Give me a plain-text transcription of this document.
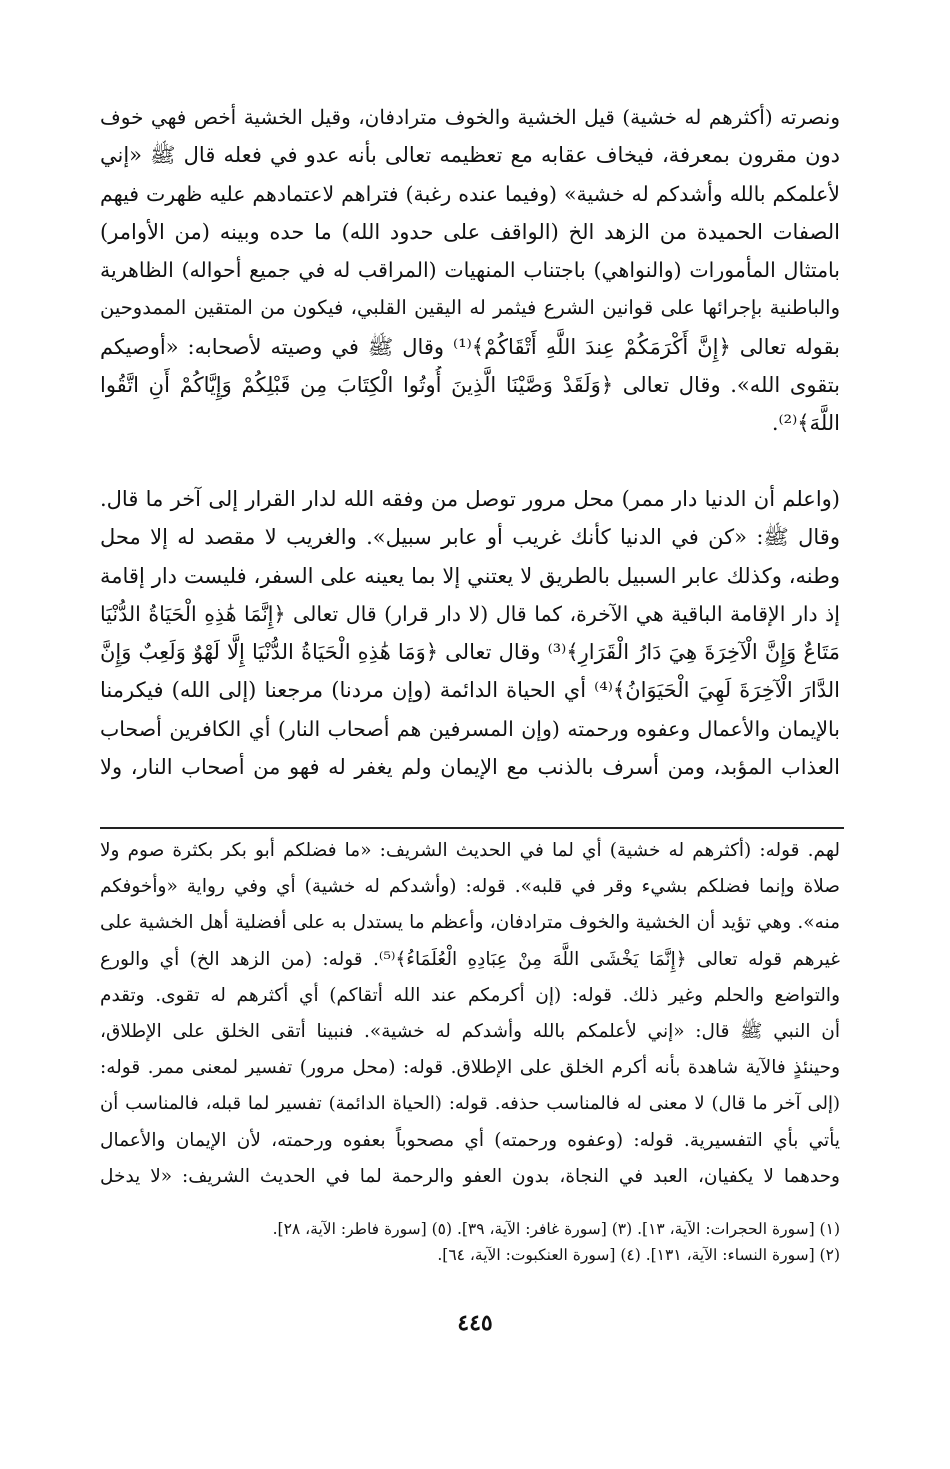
ونصرته (أكثرهم له خشية) قيل الخشية والخوف مترادفان، وقيل الخشية أخص فهي خوف
دون مقرون بمعرفة، فيخاف عقابه مع تعظيمه تعالى بأنه عدو في فعله قال ﷺ «إني
لأعلمكم بالله وأشدكم له خشية» (وفيما عنده رغبة) فتراهم لاعتمادهم عليه ظهرت فيهم
الصفات الحميدة من الزهد الخ (الواقف على حدود الله) ما حده وبينه (من الأوامر)
بامتثال المأمورات (والنواهي) باجتناب المنهيات (المراقب له في جميع أحواله) الظاهرية
والباطنية بإجرائها على قوانين الشرع فيثمر له اليقين القلبي، فيكون من المتقين الممدوحين
بقوله تعالى ﴿إِنَّ أَكْرَمَكُمْ عِندَ اللَّهِ أَتْقَاكُمْ﴾⁽¹⁾ وقال ﷺ في وصيته لأصحابه: «أوصيكم
بتقوى الله». وقال تعالى ﴿وَلَقَدْ وَصَّيْنَا الَّذِينَ أُوتُوا الْكِتَابَ مِن قَبْلِكُمْ وَإِيَّاكُمْ أَنِ اتَّقُوا
اللَّهَ﴾⁽²⁾.
(واعلم أن الدنيا دار ممر) محل مرور توصل من وفقه الله لدار القرار إلى آخر ما قال.
وقال ﷺ: «كن في الدنيا كأنك غريب أو عابر سبيل». والغريب لا مقصد له إلا محل
وطنه، وكذلك عابر السبيل بالطريق لا يعتني إلا بما يعينه على السفر، فليست دار إقامة
إذ دار الإقامة الباقية هي الآخرة، كما قال (لا دار قرار) قال تعالى ﴿إِنَّمَا هَٰذِهِ الْحَيَاةُ الدُّنْيَا
مَتَاعٌ وَإِنَّ الْآخِرَةَ هِيَ دَارُ الْقَرَارِ﴾⁽³⁾ وقال تعالى ﴿وَمَا هَٰذِهِ الْحَيَاةُ الدُّنْيَا إِلَّا لَهْوٌ وَلَعِبٌ وَإِنَّ
الدَّارَ الْآخِرَةَ لَهِيَ الْحَيَوَانُ﴾⁽⁴⁾ أي الحياة الدائمة (وإن مردنا) مرجعنا (إلى الله) فيكرمنا
بالإيمان والأعمال وعفوه ورحمته (وإن المسرفين هم أصحاب النار) أي الكافرين أصحاب
العذاب المؤبد، ومن أسرف بالذنب مع الإيمان ولم يغفر له فهو من أصحاب النار، ولا
لهم. قوله: (أكثرهم له خشية) أي لما في الحديث الشريف: «ما فضلكم أبو بكر بكثرة صوم ولا
صلاة وإنما فضلكم بشيء وقر في قلبه». قوله: (وأشدكم له خشية) أي وفي رواية «وأخوفكم
منه». وهي تؤيد أن الخشية والخوف مترادفان، وأعظم ما يستدل به على أفضلية أهل الخشية على
غيرهم قوله تعالى ﴿إِنَّمَا يَخْشَى اللَّهَ مِنْ عِبَادِهِ الْعُلَمَاءُ﴾⁽⁵⁾. قوله: (من الزهد الخ) أي والورع
والتواضع والحلم وغير ذلك. قوله: (إن أكرمكم عند الله أتقاكم) أي أكثرهم له تقوى. وتقدم
أن النبي ﷺ قال: «إني لأعلمكم بالله وأشدكم له خشية». فنبينا أتقى الخلق على الإطلاق،
وحينئذٍ فالآية شاهدة بأنه أكرم الخلق على الإطلاق. قوله: (محل مرور) تفسير لمعنى ممر. قوله:
(إلى آخر ما قال) لا معنى له فالمناسب حذفه. قوله: (الحياة الدائمة) تفسير لما قبله، فالمناسب أن
يأتي بأي التفسيرية. قوله: (وعفوه ورحمته) أي مصحوباً بعفوه ورحمته، لأن الإيمان والأعمال
وحدهما لا يكفيان، العبد في النجاة، بدون العفو والرحمة لما في الحديث الشريف: «لا يدخل
(١) [سورة الحجرات: الآية، ١٣]. (٣) [سورة غافر: الآية، ٣٩]. (٥) [سورة فاطر: الآية، ٢٨].
(٢) [سورة النساء: الآية، ١٣١]. (٤) [سورة العنكبوت: الآية، ٦٤].
٤٤٥
